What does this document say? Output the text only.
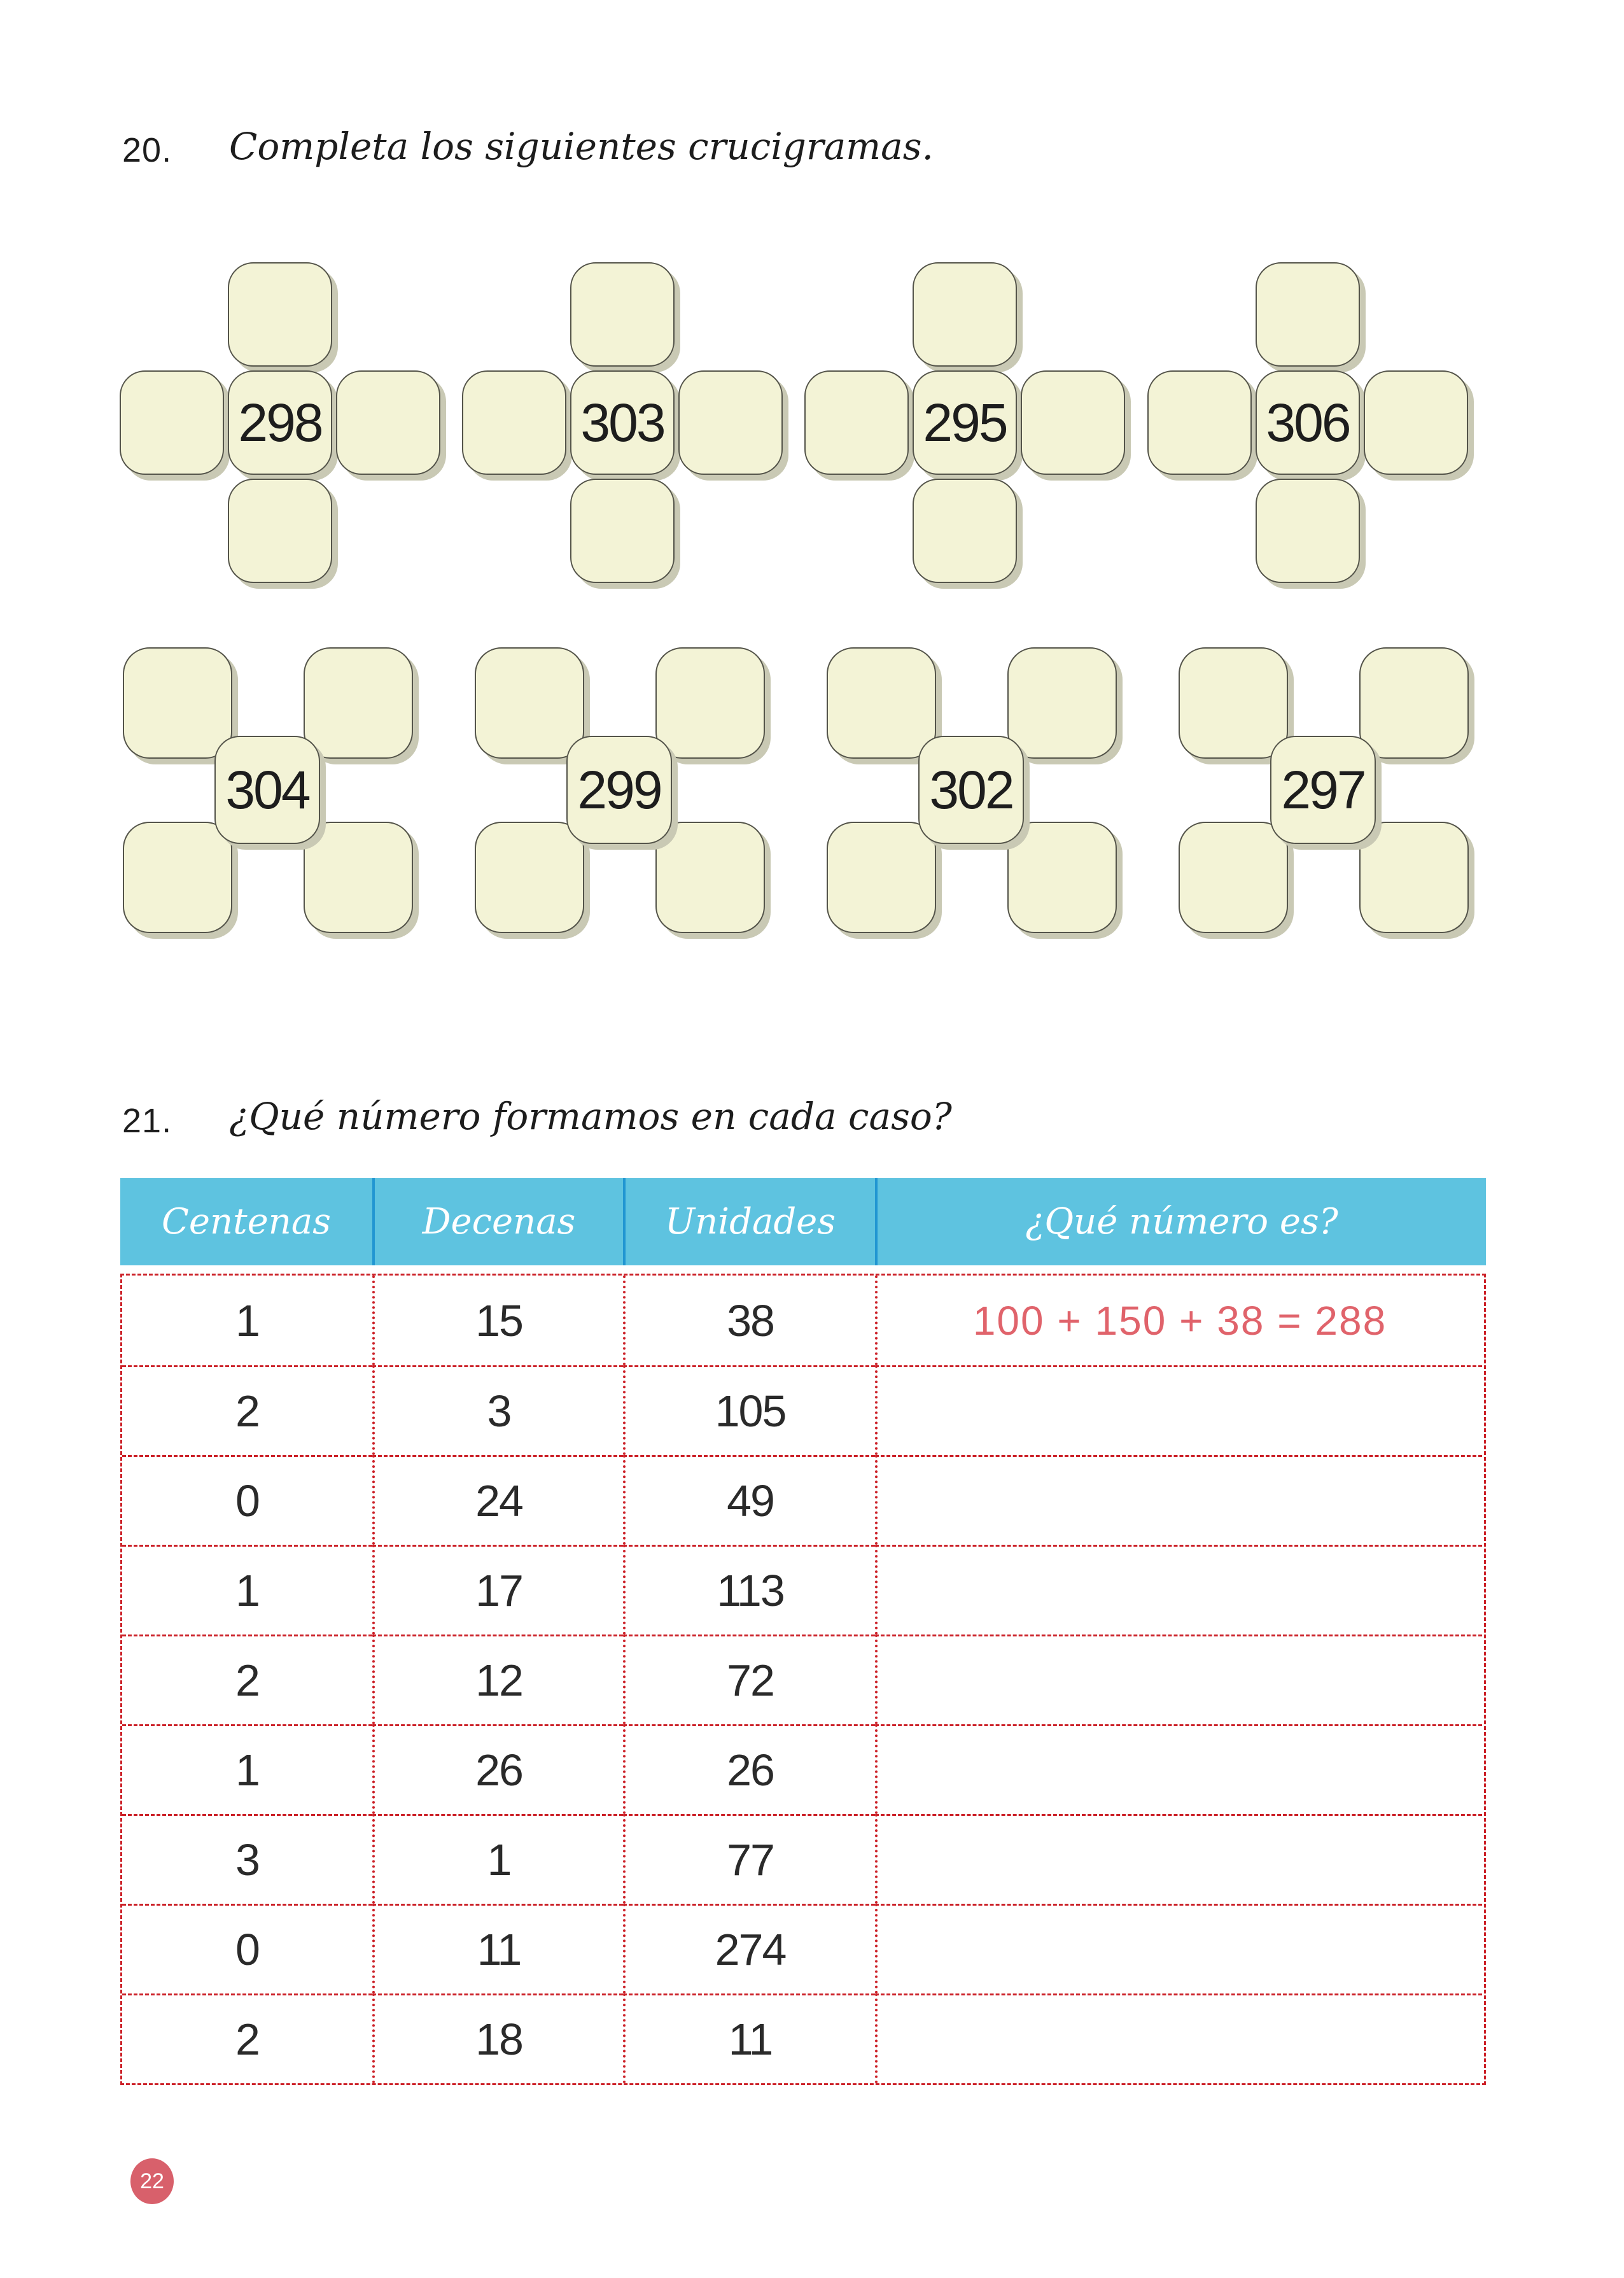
20. Completa los siguientes crucigramas.
298	303	295	306
304	299	302	297
21. ¿Qué número formamos en cada caso?
Centenas	Decenas	Unidades	¿Qué número es?
1	15	38	100 + 150 + 38 = 288
2	3	105
0	24	49
1	17	113
2	12	72
1	26	26
3	1	77
0	11	274
2	18	11
22
